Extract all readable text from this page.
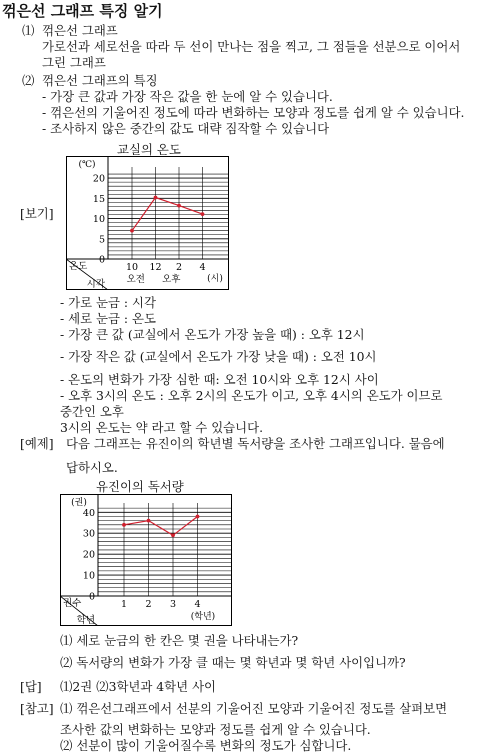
꺾은선 그래프 특징 알기
⑴ 꺾은선 그래프
가로선과 세로선을 따라 두 선이 만나는 점을 찍고, 그 점들을 선분으로 이어서
그린 그래프
⑵ 꺾은선 그래프의 특징
- 가장 큰 값과 가장 작은 값을 한 눈에 알 수 있습니다.
- 꺾은선의 기울어진 정도에 따라 변화하는 모양과 정도를 쉽게 알 수 있습니다.
- 조사하지 않은 중간의 값도 대략 짐작할 수 있습니다
교실의 온도
[보기]
0
5
10
15
20
(℃)
10 12 2 4
오전 오후	(시)
온도
시각
- 가로 눈금 : 시각
- 세로 눈금 : 온도
- 가장 큰 값 (교실에서 온도가 가장 높을 때) : 오후 12시
- 가장 작은 값 (교실에서 온도가 가장 낮을 때) : 오전 10시
- 온도의 변화가 가장 심한 때: 오전 10시와 오후 12시 사이
- 오후 3시의 온도 : 오후 2시의 온도가 이고, 오후 4시의 온도가 이므로
중간인 오후
3시의 온도는 약 라고 할 수 있습니다.
[예제] 다음 그래프는 유진이의 학년별 독서량을 조사한 그래프입니다. 물음에
답하시오.
유진이의 독서량
0
10
20
30
40
(권)
1 2 3 4
(학년)
권수
학년
⑴ 세로 눈금의 한 칸은 몇 권을 나타내는가?
⑵ 독서량의 변화가 가장 클 때는 몇 학년과 몇 학년 사이입니까?
[답] ⑴2권 ⑵3학년과 4학년 사이
[참고] ⑴ 꺾은선그래프에서 선분의 기울어진 모양과 기울어진 정도를 살펴보면
조사한 값의 변화하는 모양과 정도를 쉽게 알 수 있습니다.
⑵ 선분이 많이 기울어질수록 변화의 정도가 심합니다.
